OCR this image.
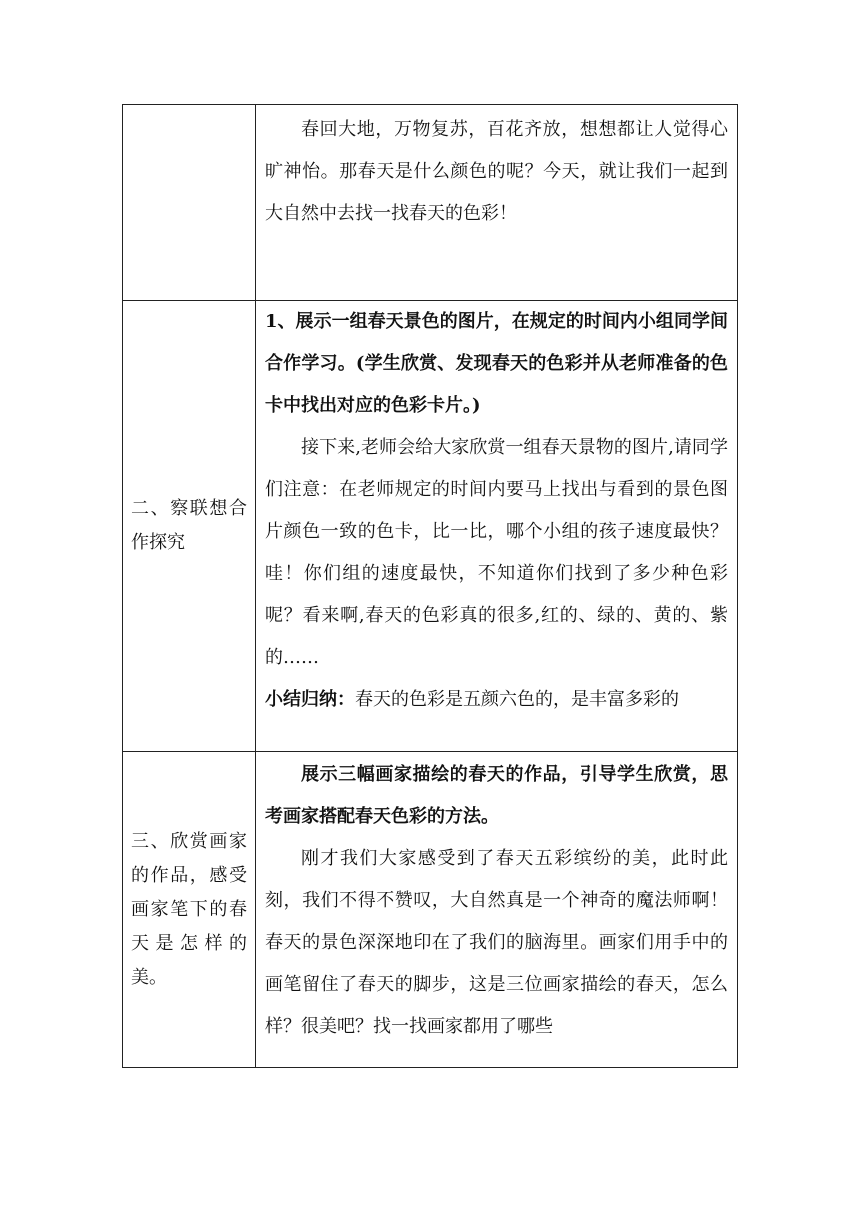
	春回大地，万物复苏，百花齐放，想想都让人觉得心旷神怡。那春天是什么颜色的呢？今天，就让我们一起到大自然中去找一找春天的色彩！

二、察联想合作探究	1、展示一组春天景色的图片，在规定的时间内小组同学间合作学习。(学生欣赏、发现春天的色彩并从老师准备的色卡中找出对应的色彩卡片。)

接下来,老师会给大家欣赏一组春天景物的图片,请同学们注意：在老师规定的时间内要马上找出与看到的景色图片颜色一致的色卡，比一比，哪个小组的孩子速度最快？哇！你们组的速度最快，不知道你们找到了多少种色彩呢？看来啊,春天的色彩真的很多,红的、绿的、黄的、紫的……

小结归纳：春天的色彩是五颜六色的，是丰富多彩的

三、欣赏画家的作品，感受画家笔下的春天是怎样的美。	展示三幅画家描绘的春天的作品，引导学生欣赏，思考画家搭配春天色彩的方法。

刚才我们大家感受到了春天五彩缤纷的美，此时此刻，我们不得不赞叹，大自然真是一个神奇的魔法师啊！春天的景色深深地印在了我们的脑海里。画家们用手中的画笔留住了春天的脚步，这是三位画家描绘的春天，怎么样？很美吧？找一找画家都用了哪些
